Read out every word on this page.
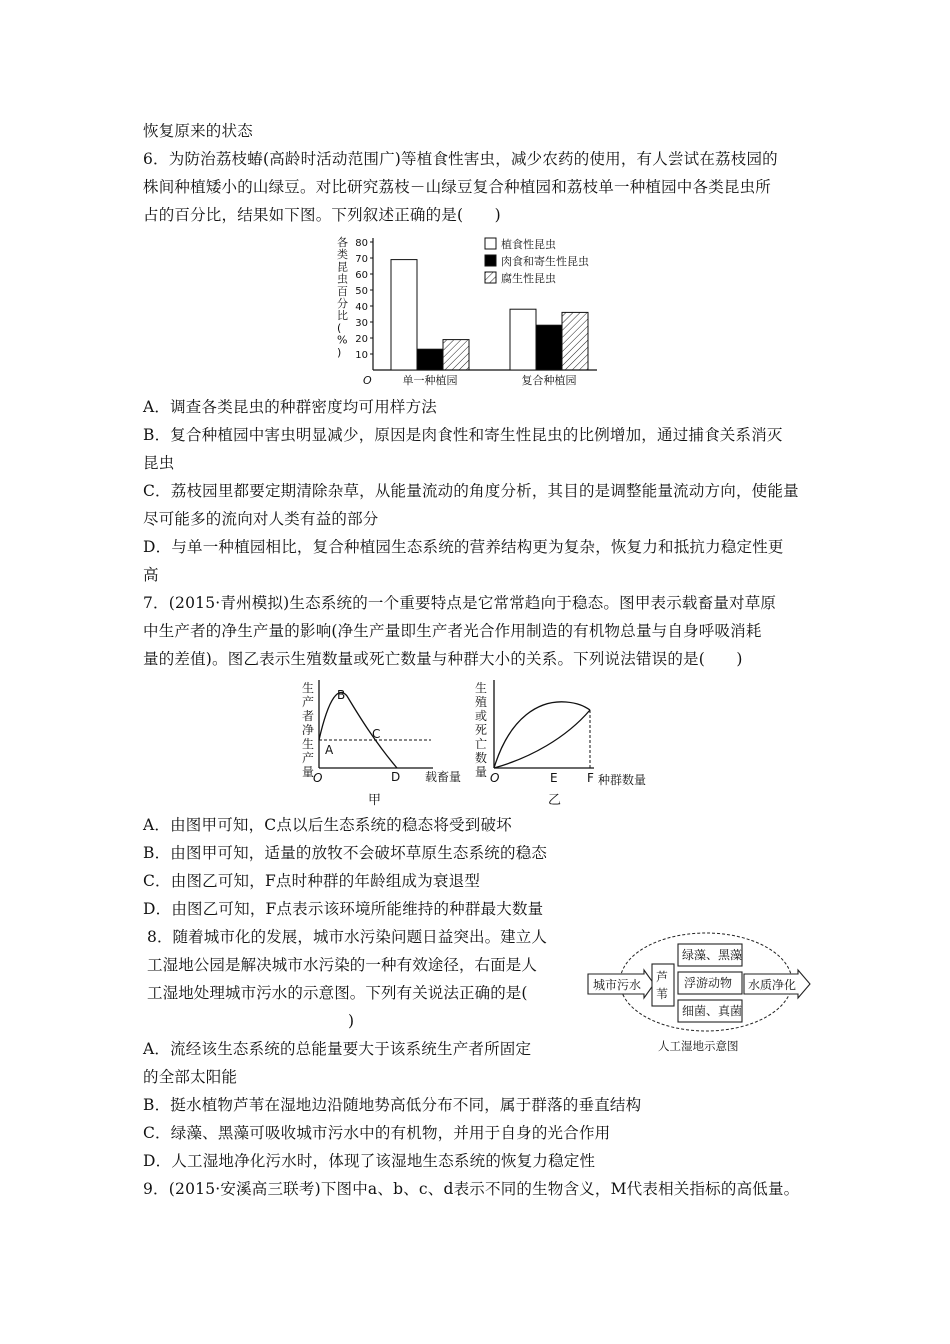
恢复原来的状态
6．为防治荔枝蝽(高龄时活动范围广)等植食性害虫，减少农药的使用，有人尝试在荔枝园的
株间种植矮小的山绿豆。对比研究荔枝－山绿豆复合种植园和荔枝单一种植园中各类昆虫所
占的百分比，结果如下图。下列叙述正确的是(　　)
各
类
昆
虫
百
分
比
(
%
) 10
20
30
40
50
60
70
80
O	单一种植园	复合种植园
植食性昆虫
肉食和寄生性昆虫
腐生性昆虫
A．调查各类昆虫的种群密度均可用样方法
B．复合种植园中害虫明显减少，原因是肉食性和寄生性昆虫的比例增加，通过捕食关系消灭
昆虫
C．荔枝园里都要定期清除杂草，从能量流动的角度分析，其目的是调整能量流动方向，使能量
尽可能多的流向对人类有益的部分
D．与单一种植园相比，复合种植园生态系统的营养结构更为复杂，恢复力和抵抗力稳定性更
高
7．(2015·青州模拟)生态系统的一个重要特点是它常常趋向于稳态。图甲表示载畜量对草原
中生产者的净生产量的影响(净生产量即生产者光合作用制造的有机物总量与自身呼吸消耗
量的差值)。图乙表示生殖数量或死亡数量与种群大小的关系。下列说法错误的是(　　)
生
产
者
净
生
产
量
O
A
B
C
D 载畜量
甲
生
殖
或
死
亡
数
量 O	E F 种群数量
乙
A．由图甲可知，C点以后生态系统的稳态将受到破坏
B．由图甲可知，适量的放牧不会破坏草原生态系统的稳态
C．由图乙可知，F点时种群的年龄组成为衰退型
D．由图乙可知，F点表示该环境所能维持的种群最大数量
8．随着城市化的发展，城市水污染问题日益突出。建立人
工湿地公园是解决城市水污染的一种有效途径，右面是人
工湿地处理城市污水的示意图。下列有关说法正确的是(
)
A．流经该生态系统的总能量要大于该系统生产者所固定
的全部太阳能
B．挺水植物芦苇在湿地边沿随地势高低分布不同，属于群落的垂直结构
C．绿藻、黑藻可吸收城市污水中的有机物，并用于自身的光合作用
D．人工湿地净化污水时，体现了该湿地生态系统的恢复力稳定性
9．(2015·安溪高三联考)下图中a、b、c、d表示不同的生物含义，M代表相关指标的高低量。
城市污水
芦
苇
绿藻、黑藻
浮游动物
细菌、真菌
水质净化
人工湿地示意图
